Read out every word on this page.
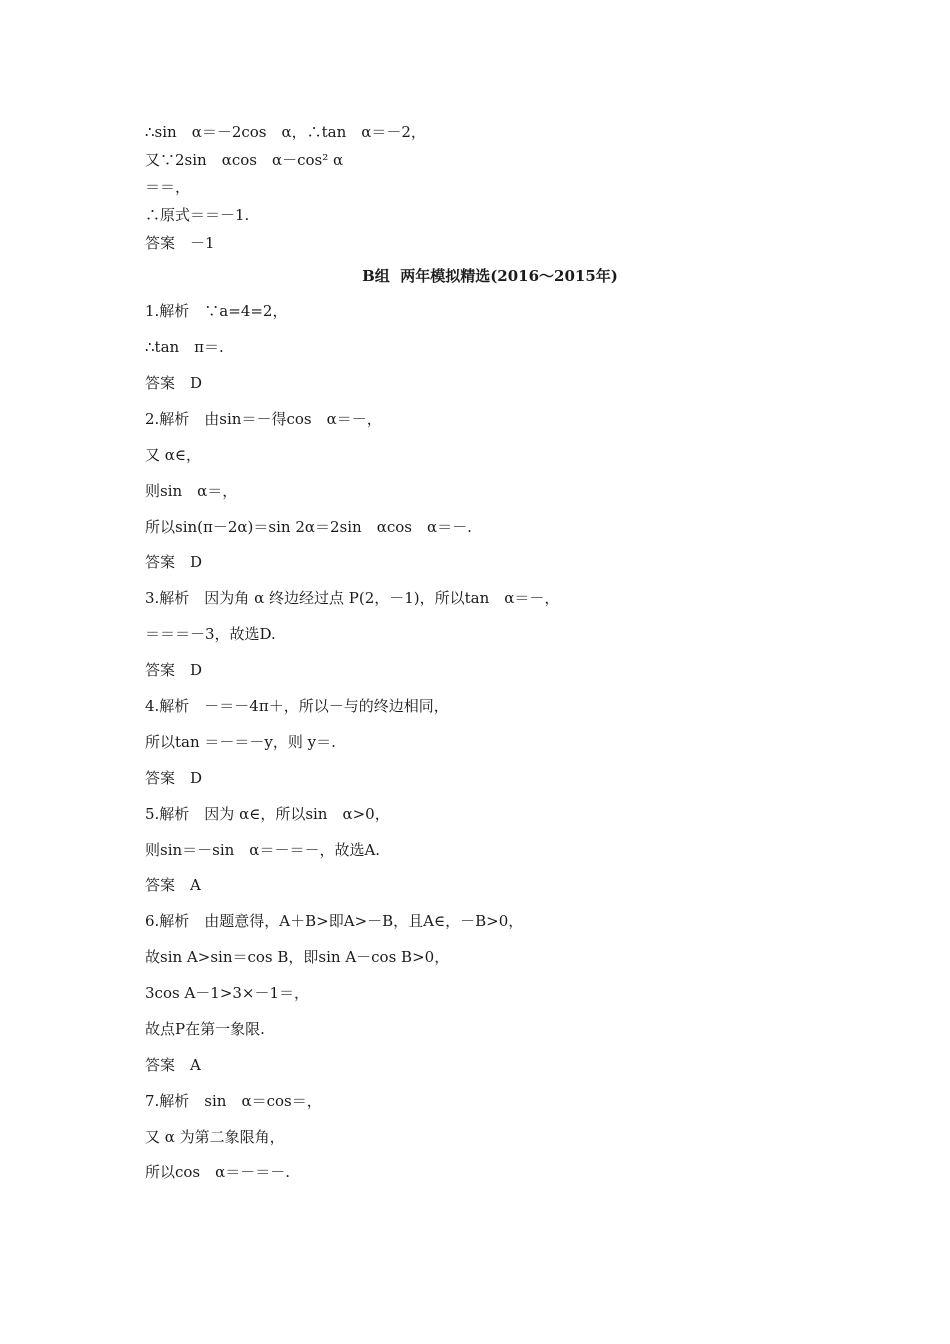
∴sin　α＝－2cos　α，∴tan　α＝－2，
又∵2sin　αcos　α－cos² α
＝＝，
∴原式＝＝－1.
答案　－1
B组  两年模拟精选(2016～2015年)
1.解析　∵a=4=2，
∴tan　π＝.
答案　D
2.解析　由sin＝－得cos　α＝－，
又 α∈，
则sin　α＝，
所以sin(π－2α)＝sin 2α＝2sin　αcos　α＝－.
答案　D
3.解析　因为角 α 终边经过点 P(2，－1)，所以tan　α＝－，
＝＝＝－3，故选D.
答案　D
4.解析　－＝－4π＋，所以－与的终边相同，
所以tan ＝－＝－y，则 y＝.
答案　D
5.解析　因为 α∈，所以sin　α>0，
则sin＝－sin　α＝－＝－，故选A.
答案　A
6.解析　由题意得，A＋B>即A>－B，且A∈，－B>0，
故sin A>sin＝cos B，即sin A－cos B>0，
3cos A－1>3×－1＝，
故点P在第一象限.
答案　A
7.解析　sin　α＝cos＝，
又 α 为第二象限角，
所以cos　α＝－＝－.
